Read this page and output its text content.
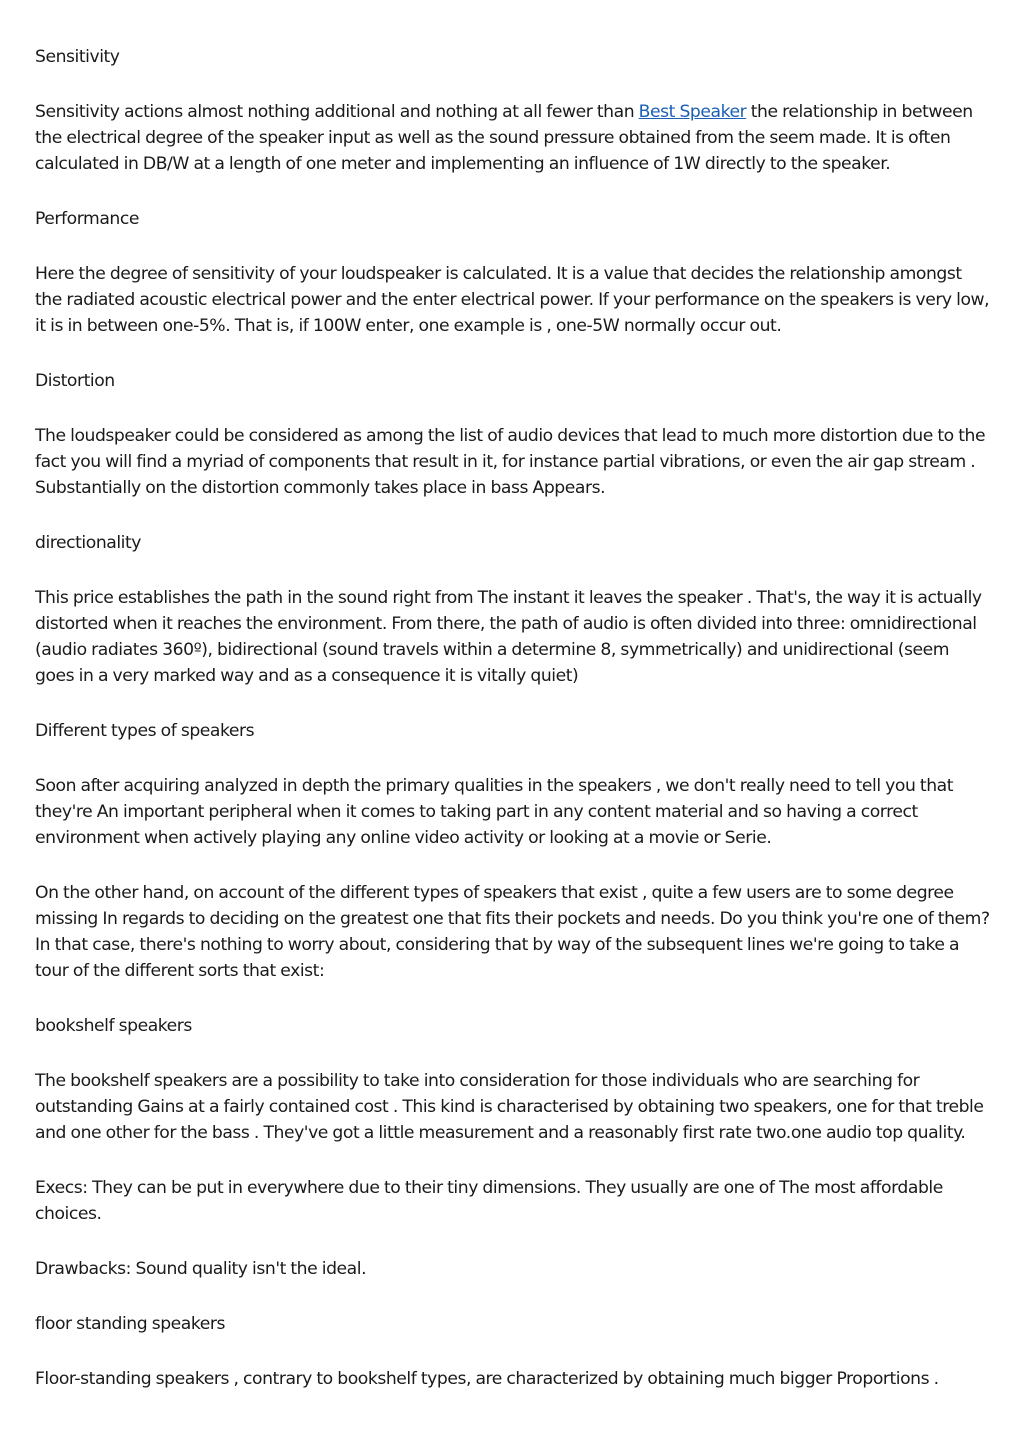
Sensitivity

Sensitivity actions almost nothing additional and nothing at all fewer than Best Speaker the relationship in between the electrical degree of the speaker input as well as the sound pressure obtained from the seem made. It is often calculated in DB/W at a length of one meter and implementing an influence of 1W directly to the speaker.

Performance

Here the degree of sensitivity of your loudspeaker is calculated. It is a value that decides the relationship amongst the radiated acoustic electrical power and the enter electrical power. If your performance on the speakers is very low, it is in between one-5%. That is, if 100W enter, one example is , one-5W normally occur out.

Distortion

The loudspeaker could be considered as among the list of audio devices that lead to much more distortion due to the fact you will find a myriad of components that result in it, for instance partial vibrations, or even the air gap stream . Substantially on the distortion commonly takes place in bass Appears.

directionality

This price establishes the path in the sound right from The instant it leaves the speaker . That's, the way it is actually distorted when it reaches the environment. From there, the path of audio is often divided into three: omnidirectional (audio radiates 360º), bidirectional (sound travels within a determine 8, symmetrically) and unidirectional (seem goes in a very marked way and as a consequence it is vitally quiet)

Different types of speakers

Soon after acquiring analyzed in depth the primary qualities in the speakers , we don't really need to tell you that they're An important peripheral when it comes to taking part in any content material and so having a correct environment when actively playing any online video activity or looking at a movie or Serie.

On the other hand, on account of the different types of speakers that exist , quite a few users are to some degree missing In regards to deciding on the greatest one that fits their pockets and needs. Do you think you're one of them? In that case, there's nothing to worry about, considering that by way of the subsequent lines we're going to take a tour of the different sorts that exist:

bookshelf speakers

The bookshelf speakers are a possibility to take into consideration for those individuals who are searching for outstanding Gains at a fairly contained cost . This kind is characterised by obtaining two speakers, one for that treble and one other for the bass . They've got a little measurement and a reasonably first rate two.one audio top quality.

Execs: They can be put in everywhere due to their tiny dimensions. They usually are one of The most affordable choices.

Drawbacks: Sound quality isn't the ideal.

floor standing speakers

Floor-standing speakers , contrary to bookshelf types, are characterized by obtaining much bigger Proportions .
